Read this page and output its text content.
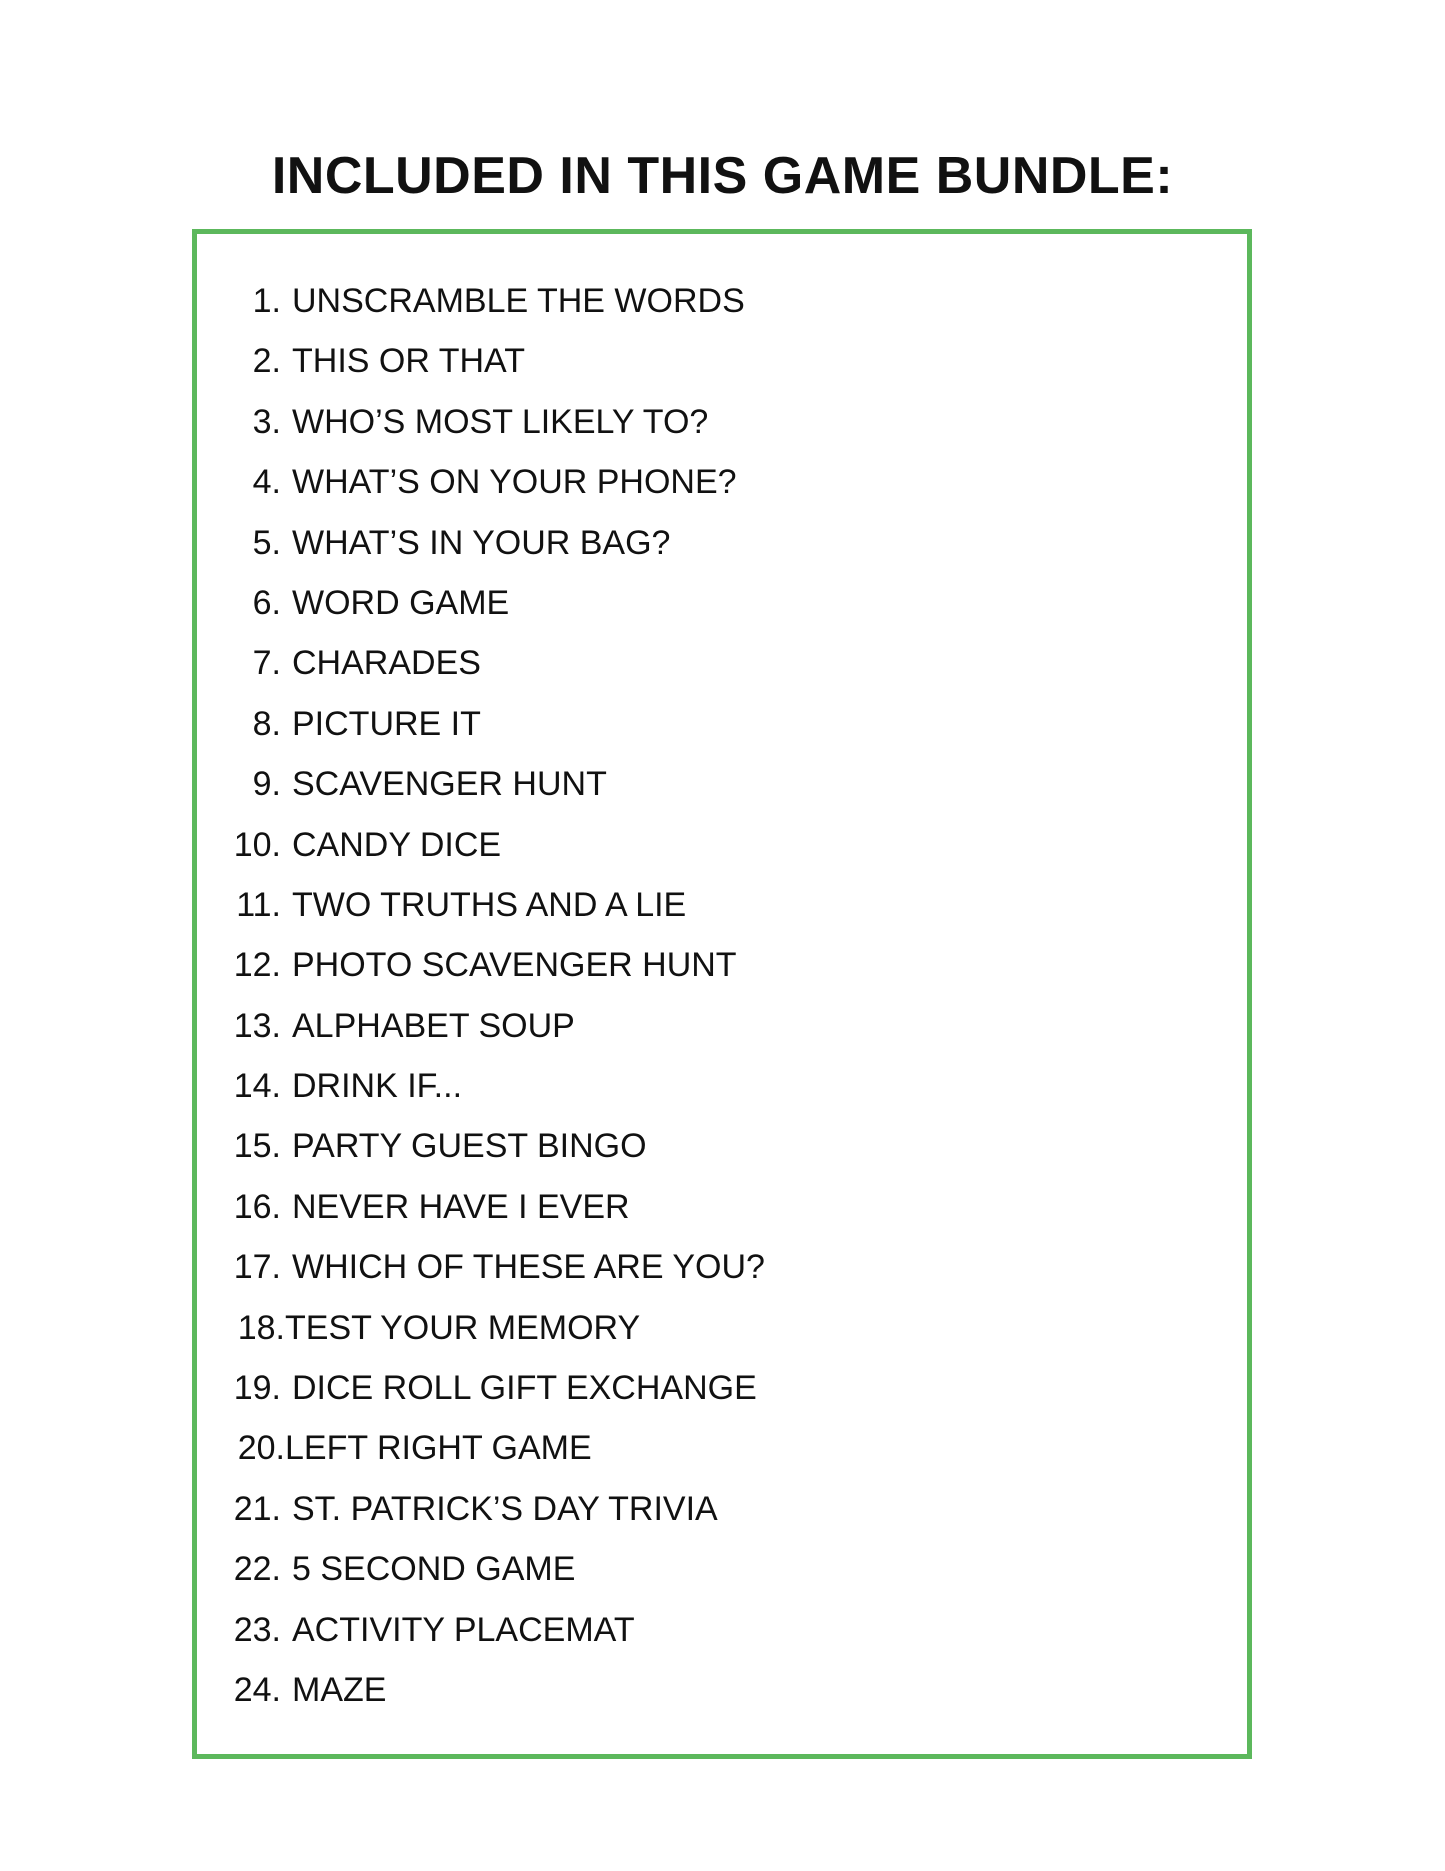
INCLUDED IN THIS GAME BUNDLE:
1. UNSCRAMBLE THE WORDS
2. THIS OR THAT
3. WHO’S MOST LIKELY TO?
4. WHAT’S ON YOUR PHONE?
5. WHAT’S IN YOUR BAG?
6. WORD GAME
7. CHARADES
8. PICTURE IT
9. SCAVENGER HUNT
10. CANDY DICE
11. TWO TRUTHS AND A LIE
12. PHOTO SCAVENGER HUNT
13. ALPHABET SOUP
14. DRINK IF...
15. PARTY GUEST BINGO
16. NEVER HAVE I EVER
17. WHICH OF THESE ARE YOU?
18. TEST YOUR MEMORY
19. DICE ROLL GIFT EXCHANGE
20. LEFT RIGHT GAME
21. ST. PATRICK’S DAY TRIVIA
22. 5 SECOND GAME
23. ACTIVITY PLACEMAT
24. MAZE
